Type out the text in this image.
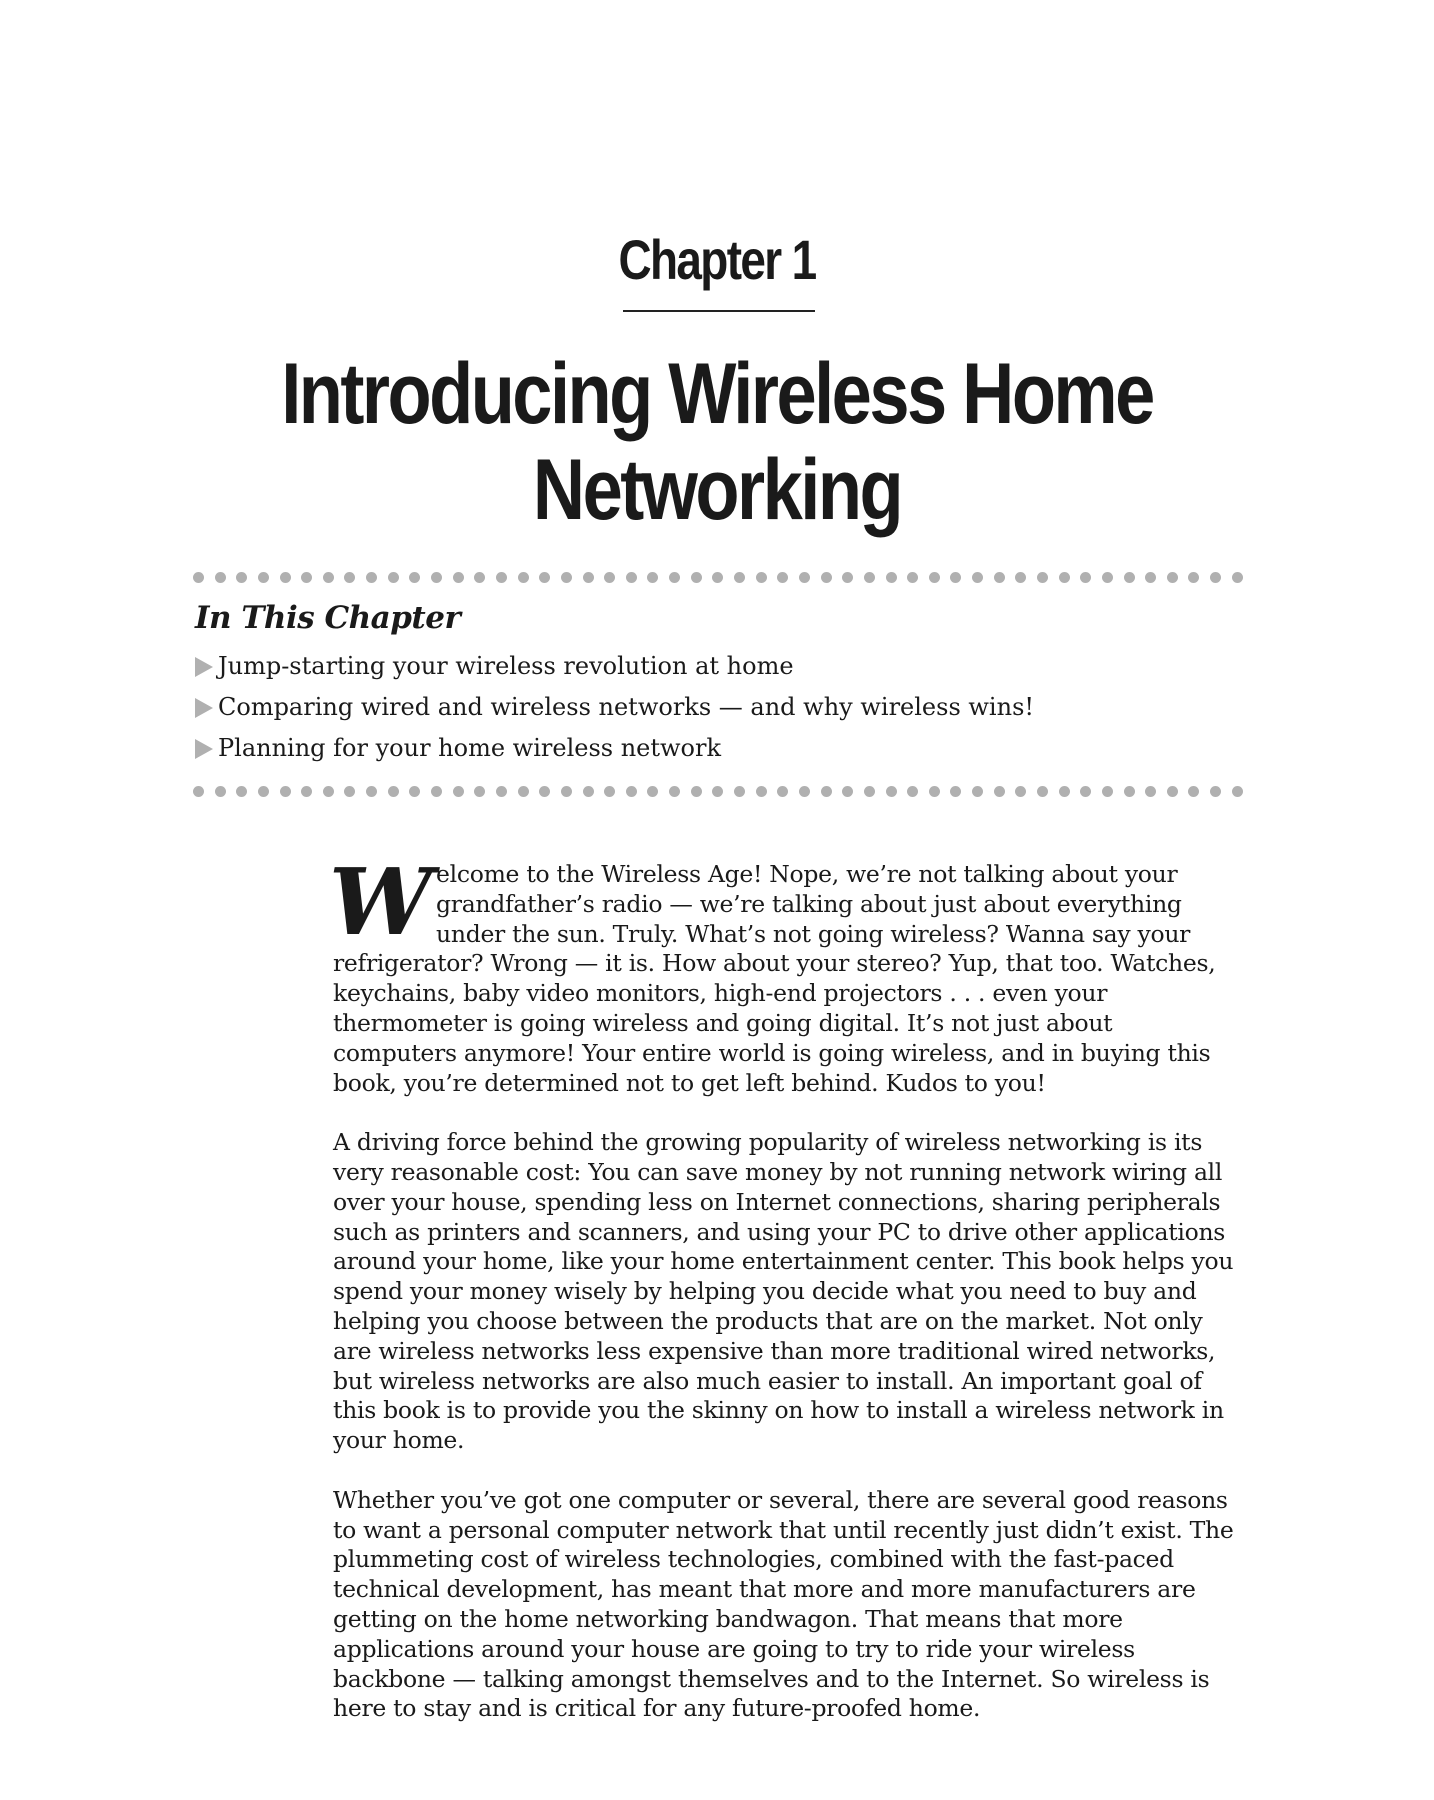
Chapter 1
Introducing Wireless Home Networking
In This Chapter
Jump-starting your wireless revolution at home
Comparing wired and wireless networks — and why wireless wins!
Planning for your home wireless network

Welcome to the Wireless Age! Nope, we’re not talking about your grandfather’s radio — we’re talking about just about everything under the sun. Truly. What’s not going wireless? Wanna say your refrigerator? Wrong — it is. How about your stereo? Yup, that too. Watches, keychains, baby video monitors, high-end projectors . . . even your thermometer is going wireless and going digital. It’s not just about computers anymore! Your entire world is going wireless, and in buying this book, you’re determined not to get left behind. Kudos to you!

A driving force behind the growing popularity of wireless networking is its very reasonable cost: You can save money by not running network wiring all over your house, spending less on Internet connections, sharing peripherals such as printers and scanners, and using your PC to drive other applications around your home, like your home entertainment center. This book helps you spend your money wisely by helping you decide what you need to buy and helping you choose between the products that are on the market. Not only are wireless networks less expensive than more traditional wired networks, but wireless networks are also much easier to install. An important goal of this book is to provide you the skinny on how to install a wireless network in your home.

Whether you’ve got one computer or several, there are several good reasons to want a personal computer network that until recently just didn’t exist. The plummeting cost of wireless technologies, combined with the fast-paced technical development, has meant that more and more manufacturers are getting on the home networking bandwagon. That means that more applications around your house are going to try to ride your wireless backbone — talking amongst themselves and to the Internet. So wireless is here to stay and is critical for any future-proofed home.
